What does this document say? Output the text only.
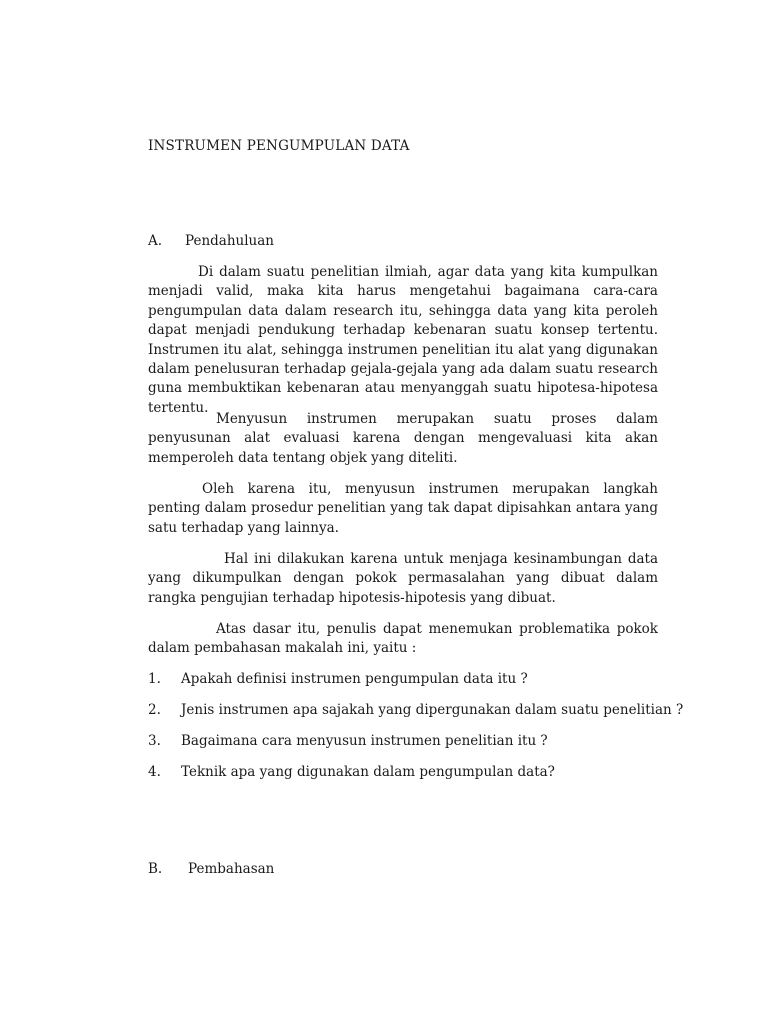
INSTRUMEN PENGUMPULAN DATA
A. Pendahuluan

Di dalam suatu penelitian ilmiah, agar data yang kita kumpulkan menjadi valid, maka kita harus mengetahui bagaimana cara-cara pengumpulan data dalam research itu, sehingga data yang kita peroleh dapat menjadi pendukung terhadap kebenaran suatu konsep tertentu. Instrumen itu alat, sehingga instrumen penelitian itu alat yang digunakan dalam penelusuran terhadap gejala-gejala yang ada dalam suatu research guna membuktikan kebenaran atau menyanggah suatu hipotesa-hipotesa tertentu.

Menyusun instrumen merupakan suatu proses dalam penyusunan alat evaluasi karena dengan mengevaluasi kita akan memperoleh data tentang objek yang diteliti.

Oleh karena itu, menyusun instrumen merupakan langkah penting dalam prosedur penelitian yang tak dapat dipisahkan antara yang satu terhadap yang lainnya.

Hal ini dilakukan karena untuk menjaga kesinambungan data yang dikumpulkan dengan pokok permasalahan yang dibuat dalam rangka pengujian terhadap hipotesis-hipotesis yang dibuat.

Atas dasar itu, penulis dapat menemukan problematika pokok dalam pembahasan makalah ini, yaitu :

1. Apakah definisi instrumen pengumpulan data itu ?
2. Jenis instrumen apa sajakah yang dipergunakan dalam suatu penelitian ?
3. Bagaimana cara menyusun instrumen penelitian itu ?
4. Teknik apa yang digunakan dalam pengumpulan data?
B. Pembahasan
